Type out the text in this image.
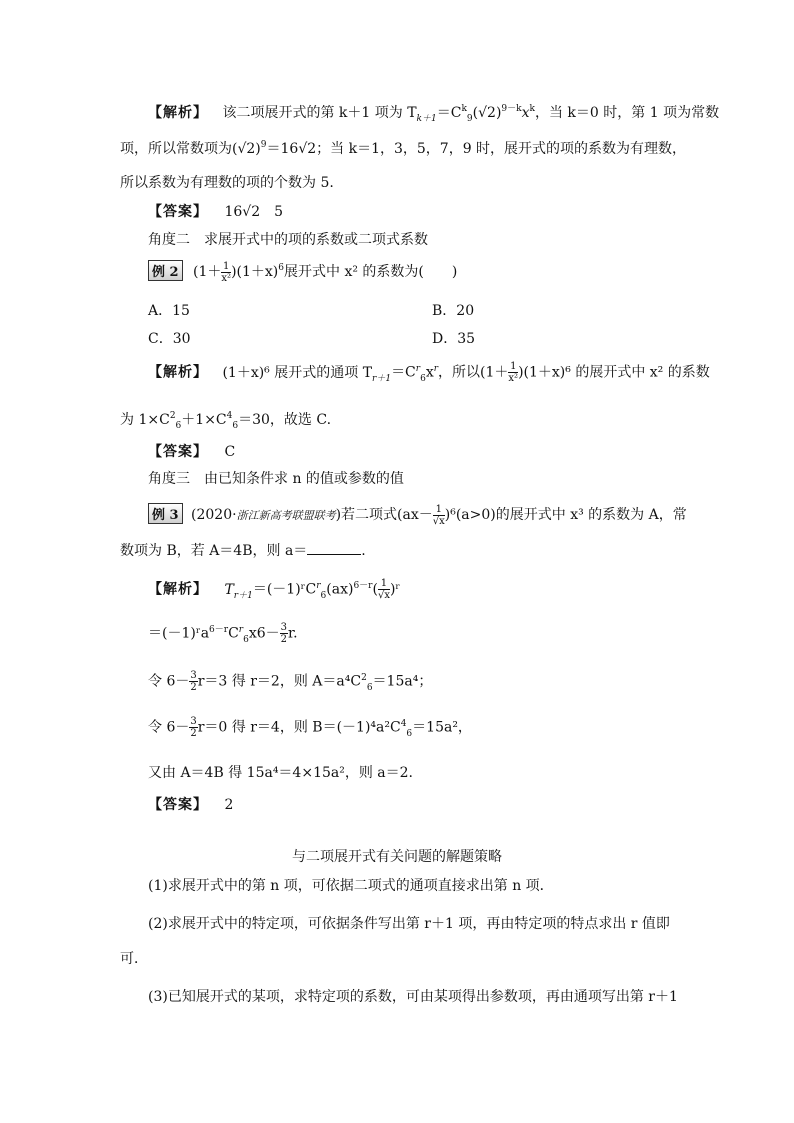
【解析】 该二项展开式的第 k＋1 项为 $T_{k+1}=C^k_9(√2)^{9-k}x^k$，当 k＝0 时，第 1 项为常数
项，所以常数项为$(√2)^9=16√2$；当 k＝1，3，5，7，9 时，展开式的项的系数为有理数，
所以系数为有理数的项的个数为 5.
【答案】 16√2　5
角度二　求展开式中的项的系数或二项式系数
例 2 $(1+ \frac{1}{\text{x²}} )(1+x)^6$展开式中 x² 的系数为(　　)
A．15	B．20
C．30	D．35
【解析】 (1＋x)⁶ 展开式的通项 $T_{r+1}=C^r_6x^r$，所以$(1+ \frac{1}{\text{x²}} )(1+x)^6$ 的展开式中 x² 的系数
为 $1\times C^2_6+1\times C^4_6=30$，故选 C.
【答案】 C
角度三　由已知条件求 n 的值或参数的值
例 3 (2020·浙江新高考联盟联考)若二项式$(ax- \frac{1}{√x} )^6(a>0)$的展开式中 x³ 的系数为 A，常
数项为 B，若 A＝4B，则 a＝	.
【解析】 $T_{r+1}=(-1)ʳC^r_6(ax)^{6-r}( \frac{1}{√x}$ )ʳ
$=(-1)ʳa^{6-r}C^r_6x6- \frac{3}{2} r$.
令 $6- \frac{3}{2} r=3$ 得 r＝2，则 $A=a^4C^2_6=15a^4$；
令 $6- \frac{3}{2} r=0$ 得 r＝4，则 $B=(-1)^4a^2C^4_6=15a^2$，
又由 A＝4B 得 15a⁴＝4×15a²，则 a＝2.
【答案】 2
与二项展开式有关问题的解题策略
(1)求展开式中的第 n 项，可依据二项式的通项直接求出第 n 项．
(2)求展开式中的特定项，可依据条件写出第 r＋1 项，再由特定项的特点求出 r 值即
可．
(3)已知展开式的某项，求特定项的系数，可由某项得出参数项，再由通项写出第 r＋1
